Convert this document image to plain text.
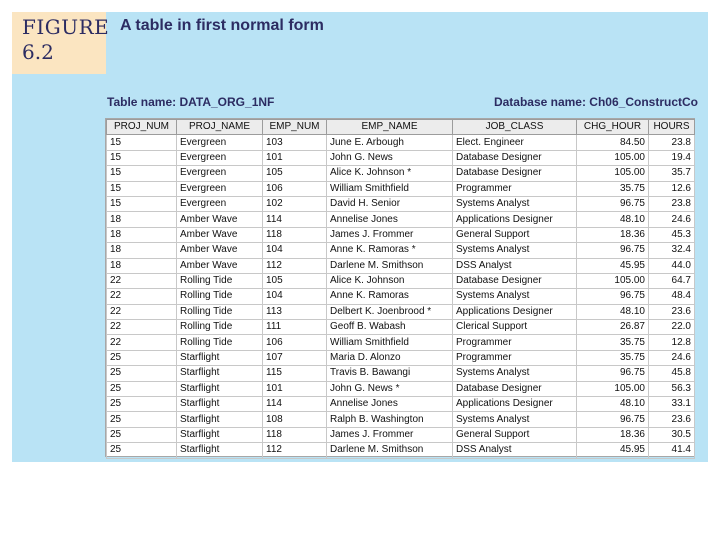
FIGURE
6.2
A table in first normal form
Table name: DATA_ORG_1NF	Database name: Ch06_ConstructCo
PROJ_NUM	PROJ_NAME	EMP_NUM	EMP_NAME	JOB_CLASS	CHG_HOUR	HOURS
15	Evergreen	103	June E. Arbough	Elect. Engineer	84.50	23.8
15	Evergreen	101	John G. News	Database Designer	105.00	19.4
15	Evergreen	105	Alice K. Johnson *	Database Designer	105.00	35.7
15	Evergreen	106	William Smithfield	Programmer	35.75	12.6
15	Evergreen	102	David H. Senior	Systems Analyst	96.75	23.8
18	Amber Wave	114	Annelise Jones	Applications Designer	48.10	24.6
18	Amber Wave	118	James J. Frommer	General Support	18.36	45.3
18	Amber Wave	104	Anne K. Ramoras *	Systems Analyst	96.75	32.4
18	Amber Wave	112	Darlene M. Smithson	DSS Analyst	45.95	44.0
22	Rolling Tide	105	Alice K. Johnson	Database Designer	105.00	64.7
22	Rolling Tide	104	Anne K. Ramoras	Systems Analyst	96.75	48.4
22	Rolling Tide	113	Delbert K. Joenbrood *	Applications Designer	48.10	23.6
22	Rolling Tide	111	Geoff B. Wabash	Clerical Support	26.87	22.0
22	Rolling Tide	106	William Smithfield	Programmer	35.75	12.8
25	Starflight	107	Maria D. Alonzo	Programmer	35.75	24.6
25	Starflight	115	Travis B. Bawangi	Systems Analyst	96.75	45.8
25	Starflight	101	John G. News *	Database Designer	105.00	56.3
25	Starflight	114	Annelise Jones	Applications Designer	48.10	33.1
25	Starflight	108	Ralph B. Washington	Systems Analyst	96.75	23.6
25	Starflight	118	James J. Frommer	General Support	18.36	30.5
25	Starflight	112	Darlene M. Smithson	DSS Analyst	45.95	41.4
